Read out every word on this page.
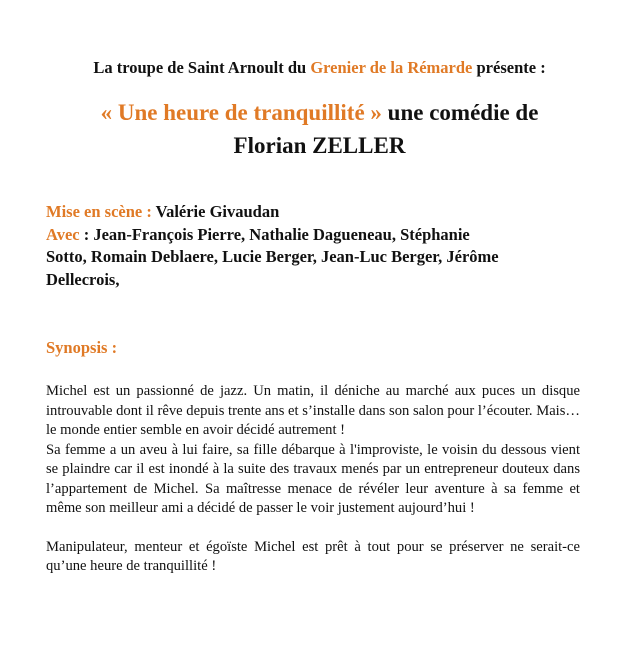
La troupe de Saint Arnoult du Grenier de la Rémarde présente :
« Une heure de tranquillité » une comédie de
Florian ZELLER
Mise en scène : Valérie Givaudan
Avec : Jean-François Pierre, Nathalie Dagueneau, Stéphanie
Sotto, Romain Deblaere, Lucie Berger, Jean-Luc Berger, Jérôme
Dellecrois,
Synopsis :

Michel est un passionné de jazz. Un matin, il déniche au marché aux puces un disque introuvable dont il rêve depuis trente ans et s’installe dans son salon pour l’écouter. Mais… le monde entier semble en avoir décidé autrement !

Sa femme a un aveu à lui faire, sa fille débarque à l'improviste, le voisin du dessous vient se plaindre car il est inondé à la suite des travaux menés par un entrepreneur douteux dans l’appartement de Michel. Sa maîtresse menace de révéler leur aventure à sa femme et même son meilleur ami a décidé de passer le voir justement aujourd’hui !

Manipulateur, menteur et égoïste Michel est prêt à tout pour se préserver ne serait-ce qu’une heure de tranquillité !
